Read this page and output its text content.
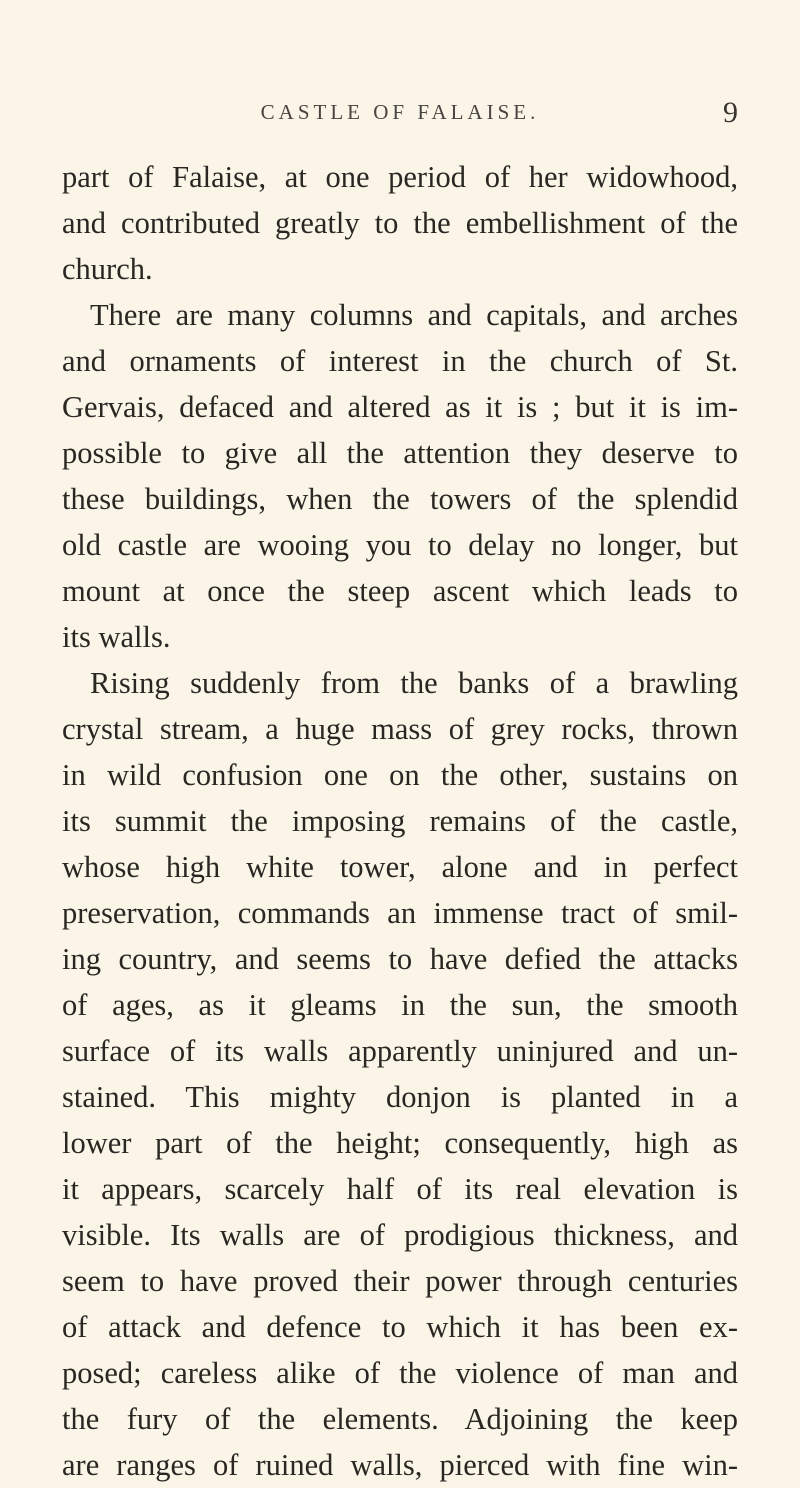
CASTLE OF FALAISE.	9
part of Falaise, at one period of her widowhood,
and contributed greatly to the embellishment of the
church.
There are many columns and capitals, and arches
and ornaments of interest in the church of St.
Gervais, defaced and altered as it is ; but it is im-
possible to give all the attention they deserve to
these buildings, when the towers of the splendid
old castle are wooing you to delay no longer, but
mount at once the steep ascent which leads to
its walls.
Rising suddenly from the banks of a brawling
crystal stream, a huge mass of grey rocks, thrown
in wild confusion one on the other, sustains on
its summit the imposing remains of the castle,
whose high white tower, alone and in perfect
preservation, commands an immense tract of smil-
ing country, and seems to have defied the attacks
of ages, as it gleams in the sun, the smooth
surface of its walls apparently uninjured and un-
stained. This mighty donjon is planted in a
lower part of the height; consequently, high as
it appears, scarcely half of its real elevation is
visible. Its walls are of prodigious thickness, and
seem to have proved their power through centuries
of attack and defence to which it has been ex-
posed; careless alike of the violence of man and
the fury of the elements. Adjoining the keep
are ranges of ruined walls, pierced with fine win-
